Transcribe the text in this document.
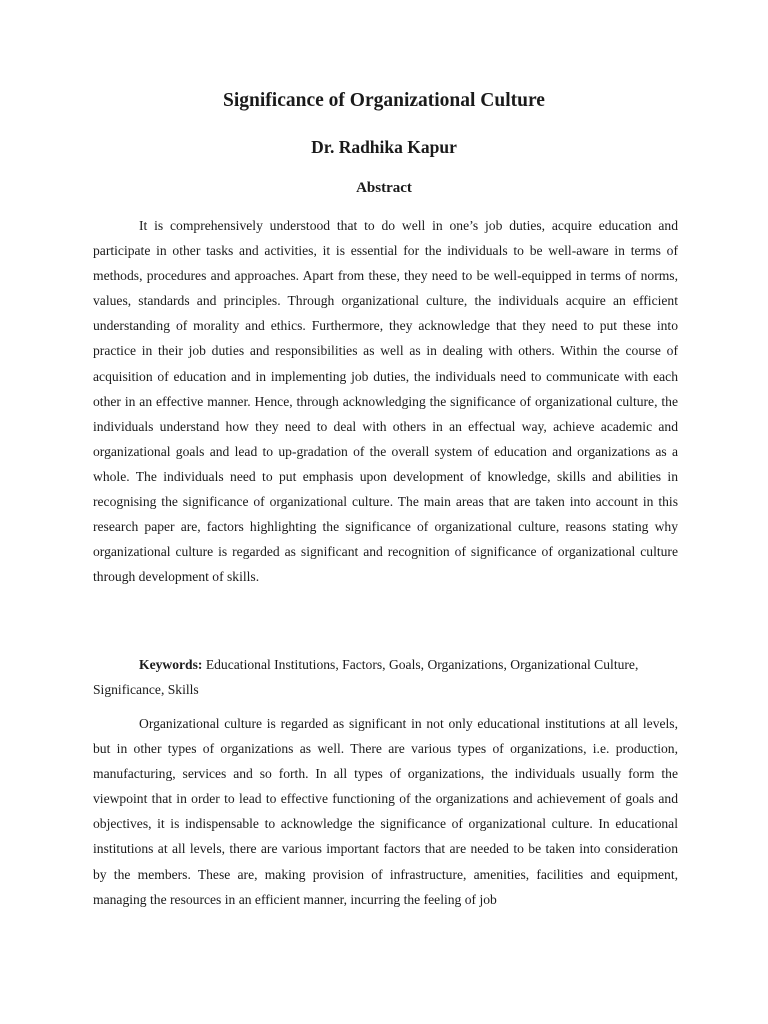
Significance of Organizational Culture
Dr. Radhika Kapur
Abstract

It is comprehensively understood that to do well in one’s job duties, acquire education and participate in other tasks and activities, it is essential for the individuals to be well-aware in terms of methods, procedures and approaches. Apart from these, they need to be well-equipped in terms of norms, values, standards and principles. Through organizational culture, the individuals acquire an efficient understanding of morality and ethics. Furthermore, they acknowledge that they need to put these into practice in their job duties and responsibilities as well as in dealing with others. Within the course of acquisition of education and in implementing job duties, the individuals need to communicate with each other in an effective manner. Hence, through acknowledging the significance of organizational culture, the individuals understand how they need to deal with others in an effectual way, achieve academic and organizational goals and lead to up-gradation of the overall system of education and organizations as a whole. The individuals need to put emphasis upon development of knowledge, skills and abilities in recognising the significance of organizational culture. The main areas that are taken into account in this research paper are, factors highlighting the significance of organizational culture, reasons stating why organizational culture is regarded as significant and recognition of significance of organizational culture through development of skills.

Keywords: Educational Institutions, Factors, Goals, Organizations, Organizational Culture, Significance, Skills

Organizational culture is regarded as significant in not only educational institutions at all levels, but in other types of organizations as well. There are various types of organizations, i.e. production, manufacturing, services and so forth. In all types of organizations, the individuals usually form the viewpoint that in order to lead to effective functioning of the organizations and achievement of goals and objectives, it is indispensable to acknowledge the significance of organizational culture. In educational institutions at all levels, there are various important factors that are needed to be taken into consideration by the members. These are, making provision of infrastructure, amenities, facilities and equipment, managing the resources in an efficient manner, incurring the feeling of job
